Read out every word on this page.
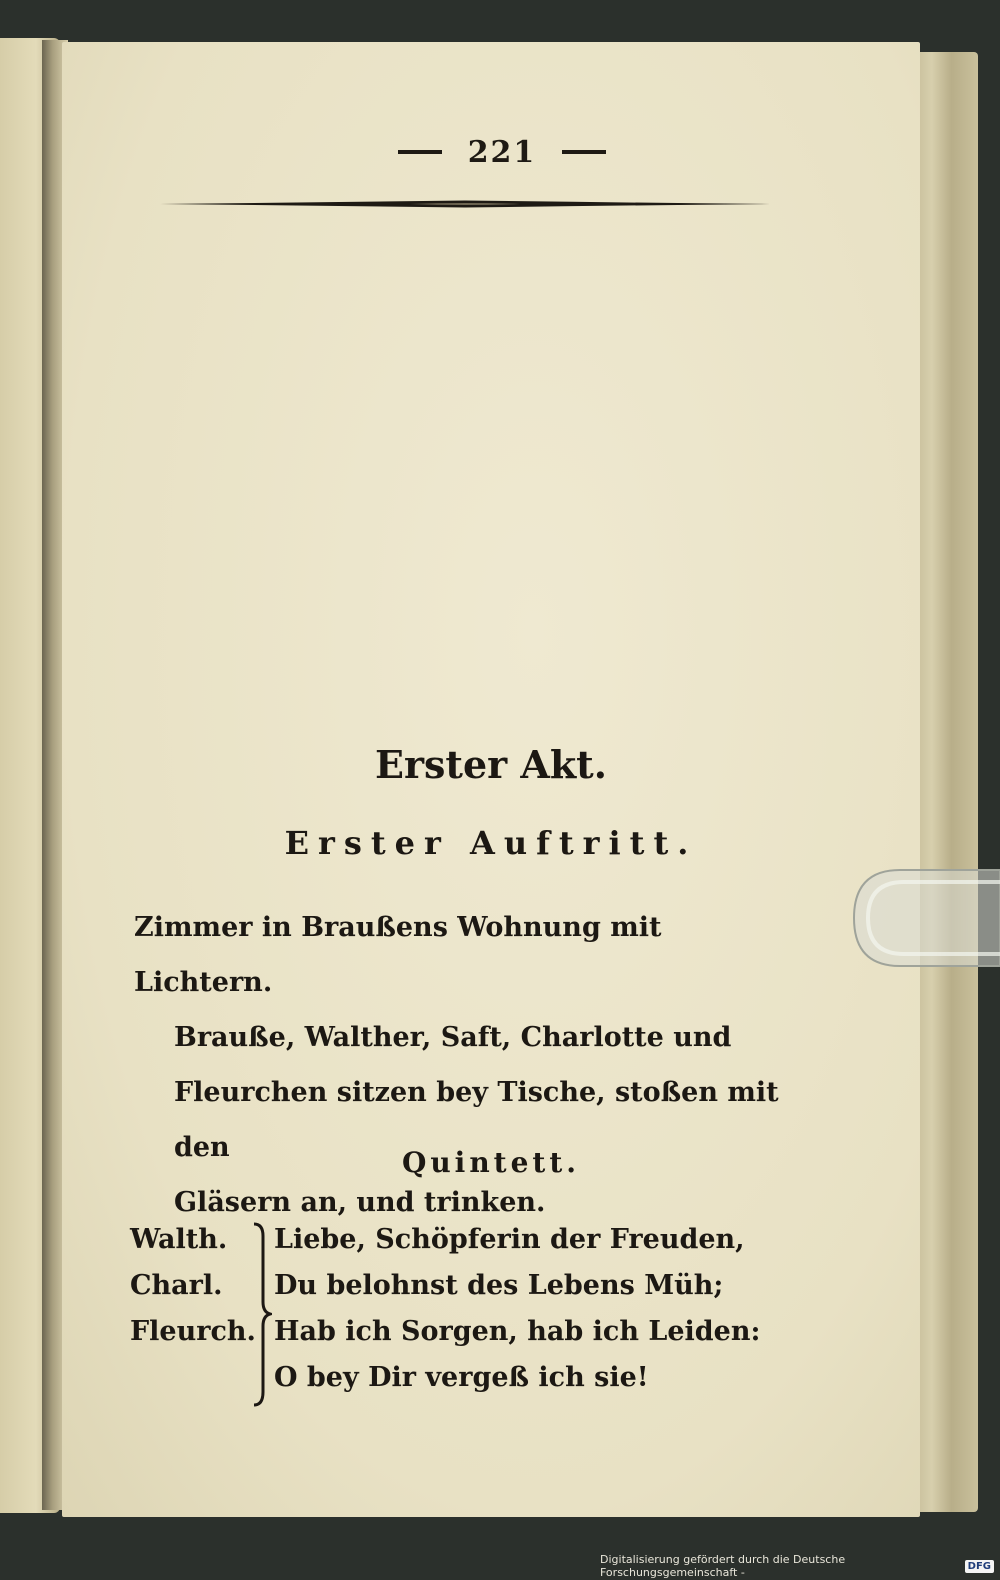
221
Erster Akt.
Erster Auftritt.
Zimmer in Braußens Wohnung mit Lichtern.
Brauße, Walther, Saft, Charlotte und
Fleurchen sitzen bey Tische, stoßen mit den
Gläsern an, und trinken.
Quintett.
Walth.
Charl.
Fleurch.
Liebe, Schöpferin der Freuden,
Du belohnst des Lebens Müh;
Hab ich Sorgen, hab ich Leiden:
O bey Dir vergeß ich sie!
Digitalisierung gefördert durch die Deutsche Forschungsgemeinschaft -	DFG
